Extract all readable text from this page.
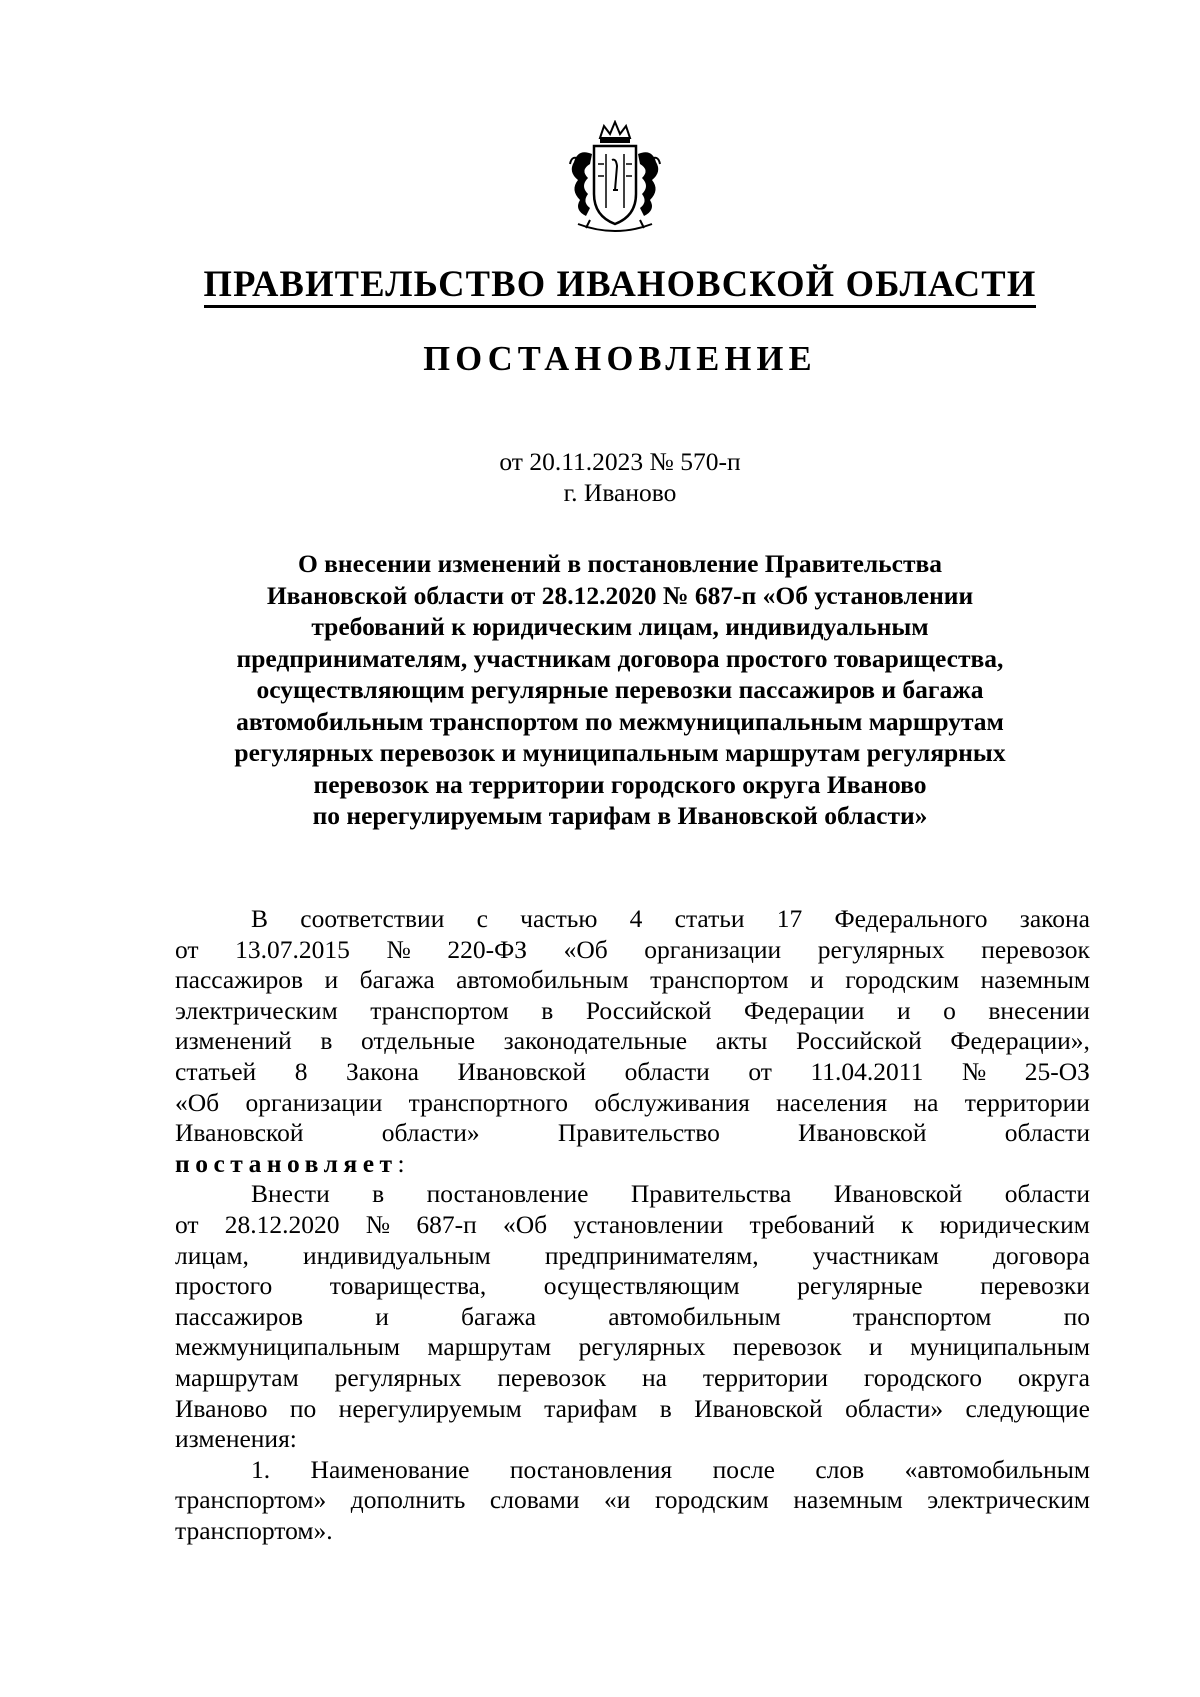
ПРАВИТЕЛЬСТВО ИВАНОВСКОЙ ОБЛАСТИ
ПОСТАНОВЛЕНИЕ
от 20.11.2023 № 570-п
г. Иваново
О внесении изменений в постановление Правительства
Ивановской области от 28.12.2020 № 687-п «Об установлении
требований к юридическим лицам, индивидуальным
предпринимателям, участникам договора простого товарищества,
осуществляющим регулярные перевозки пассажиров и багажа
автомобильным транспортом по межмуниципальным маршрутам
регулярных перевозок и муниципальным маршрутам регулярных
перевозок на территории городского округа Иваново
по нерегулируемым тарифам в Ивановской области»
В соответствии с частью 4 статьи 17 Федерального закона
от 13.07.2015 № 220-ФЗ «Об организации регулярных перевозок
пассажиров и багажа автомобильным транспортом и городским наземным
электрическим транспортом в Российской Федерации и о внесении
изменений в отдельные законодательные акты Российской Федерации»,
статьей 8 Закона Ивановской области от 11.04.2011 № 25-ОЗ
«Об организации транспортного обслуживания населения на территории
Ивановской	области»	Правительство	Ивановской	области
постановляет :
Внести в постановление Правительства Ивановской области
от 28.12.2020 № 687-п «Об установлении требований к юридическим
лицам, индивидуальным предпринимателям, участникам договора
простого товарищества, осуществляющим регулярные перевозки
пассажиров	и	багажа	автомобильным	транспортом	по
межмуниципальным маршрутам регулярных перевозок и муниципальным
маршрутам регулярных перевозок на территории городского округа
Иваново по нерегулируемым тарифам в Ивановской области» следующие
изменения:
1. Наименование постановления после слов «автомобильным
транспортом» дополнить словами «и городским наземным электрическим
транспортом».
